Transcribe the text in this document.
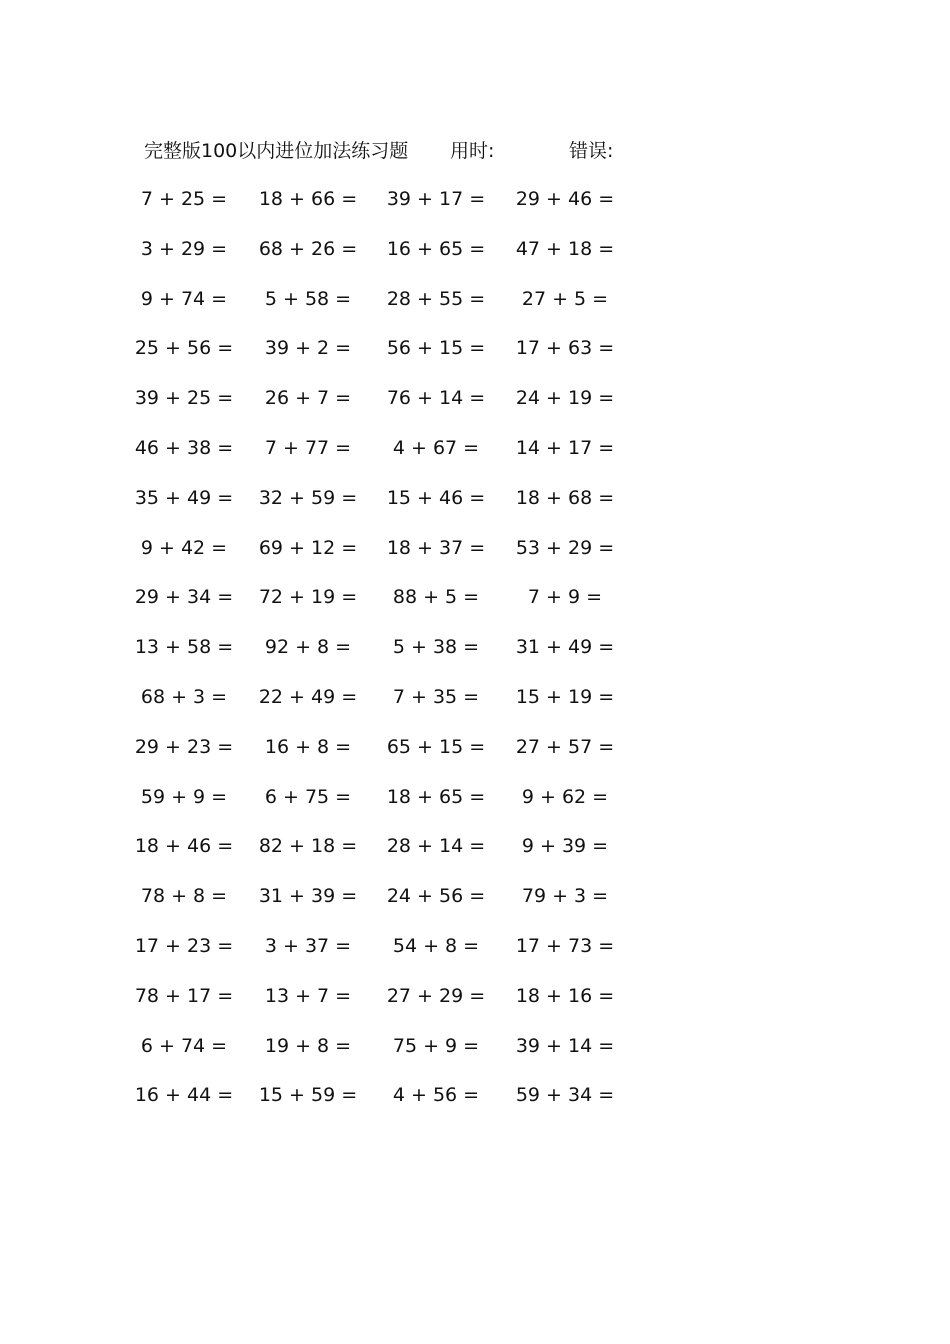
完整版100以内进位加法练习题 用时:	错误:
7 + 25 = 18 + 66 = 39 + 17 = 29 + 46 =
3 + 29 = 68 + 26 = 16 + 65 = 47 + 18 =
9 + 74 = 5 + 58 = 28 + 55 = 27 + 5 =
25 + 56 = 39 + 2 = 56 + 15 = 17 + 63 =
39 + 25 = 26 + 7 = 76 + 14 = 24 + 19 =
46 + 38 = 7 + 77 = 4 + 67 = 14 + 17 =
35 + 49 = 32 + 59 = 15 + 46 = 18 + 68 =
9 + 42 = 69 + 12 = 18 + 37 = 53 + 29 =
29 + 34 = 72 + 19 = 88 + 5 =	7 + 9 =
13 + 58 = 92 + 8 = 5 + 38 = 31 + 49 =
68 + 3 = 22 + 49 = 7 + 35 = 15 + 19 =
29 + 23 = 16 + 8 = 65 + 15 = 27 + 57 =
59 + 9 = 6 + 75 = 18 + 65 = 9 + 62 =
18 + 46 = 82 + 18 = 28 + 14 = 9 + 39 =
78 + 8 = 31 + 39 = 24 + 56 = 79 + 3 =
17 + 23 = 3 + 37 = 54 + 8 = 17 + 73 =
78 + 17 = 13 + 7 = 27 + 29 = 18 + 16 =
6 + 74 = 19 + 8 = 75 + 9 = 39 + 14 =
16 + 44 = 15 + 59 = 4 + 56 = 59 + 34 =
